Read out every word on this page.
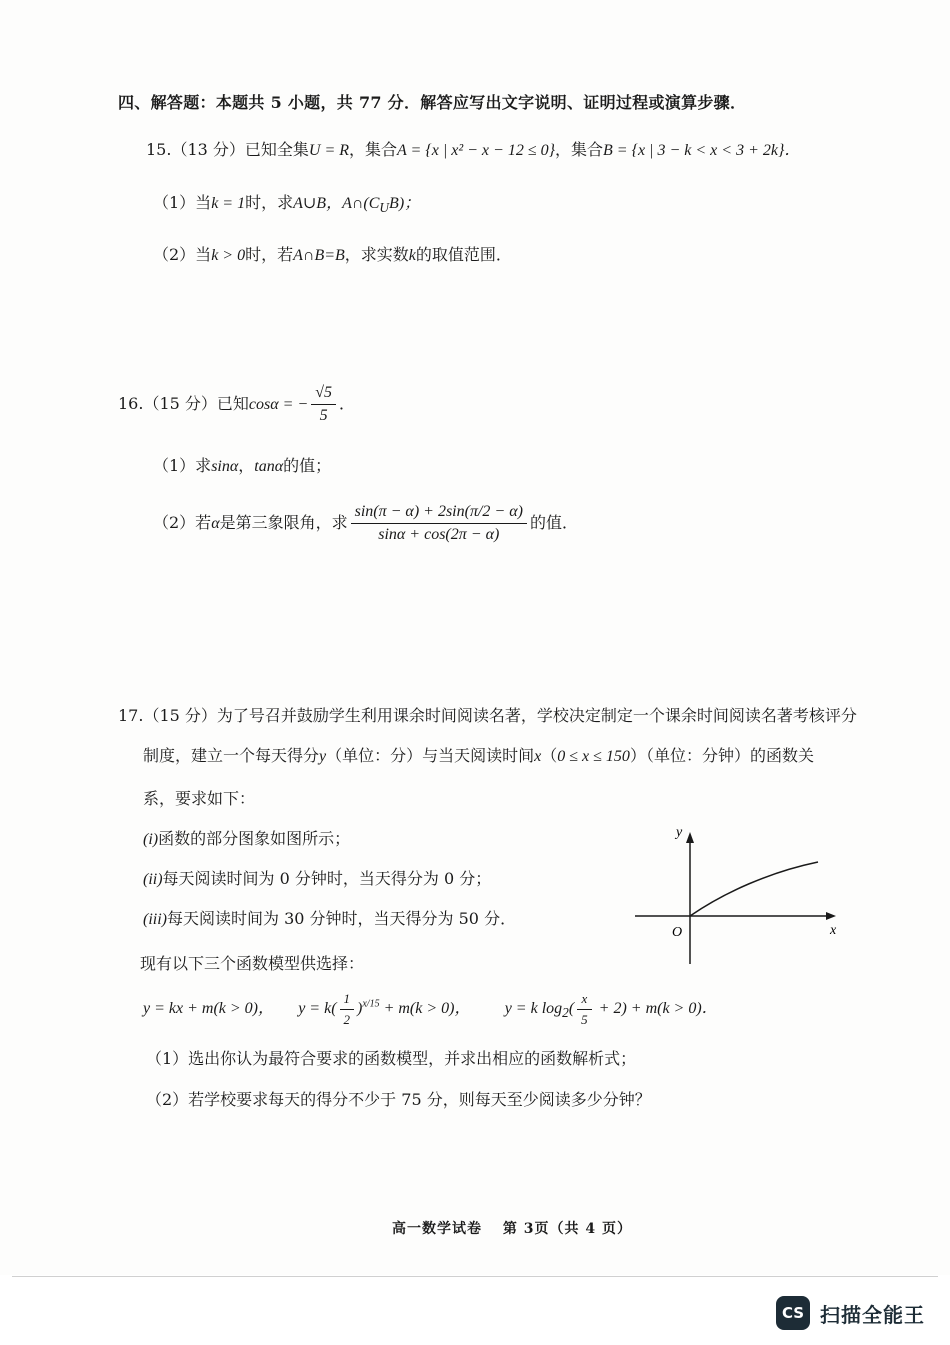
四、解答题：本题共 5 小题，共 77 分．解答应写出文字说明、证明过程或演算步骤．
15.（13 分）已知全集U = R，集合A = {x | x² − x − 12 ≤ 0}，集合B = {x | 3 − k < x < 3 + 2k}．
（1）当k = 1时，求A∪B，$A\cap(C_UB)$；
（2）当k > 0时，若A∩B=B，求实数k的取值范围．
16.（15 分）已知cosα = − $\frac{√5}{5}$ ．
（1）求sinα，tanα的值；
（2）若α是第三象限角，求 $\frac{\sin(\pi - \alpha) + 2\sin(\pi/2 - \alpha)}{\sin\alpha + \cos(2\pi - \alpha)}$ 的值．
17.（15 分）为了号召并鼓励学生利用课余时间阅读名著，学校决定制定一个课余时间阅读名著考核评分
制度，建立一个每天得分y（单位：分）与当天阅读时间x（0 ≤ x ≤ 150）（单位：分钟）的函数关
系，要求如下：
(i)函数的部分图象如图所示；
(ii)每天阅读时间为 0 分钟时，当天得分为 0 分；
(iii)每天阅读时间为 30 分钟时，当天得分为 50 分．
现有以下三个函数模型供选择：
y = kx + m(k > 0)， $y = k( \frac{1}{2} )^{x/15} + m(k > 0)$， y = k $\log_2( \frac{x}{5} + 2) + m(k > 0)$．
（1）选出你认为最符合要求的函数模型，并求出相应的函数解析式；
（2）若学校要求每天的得分不少于 75 分，则每天至少阅读多少分钟？
y
x
O
高一数学试卷　 第 3页（共 4 页）
CS 扫描全能王
